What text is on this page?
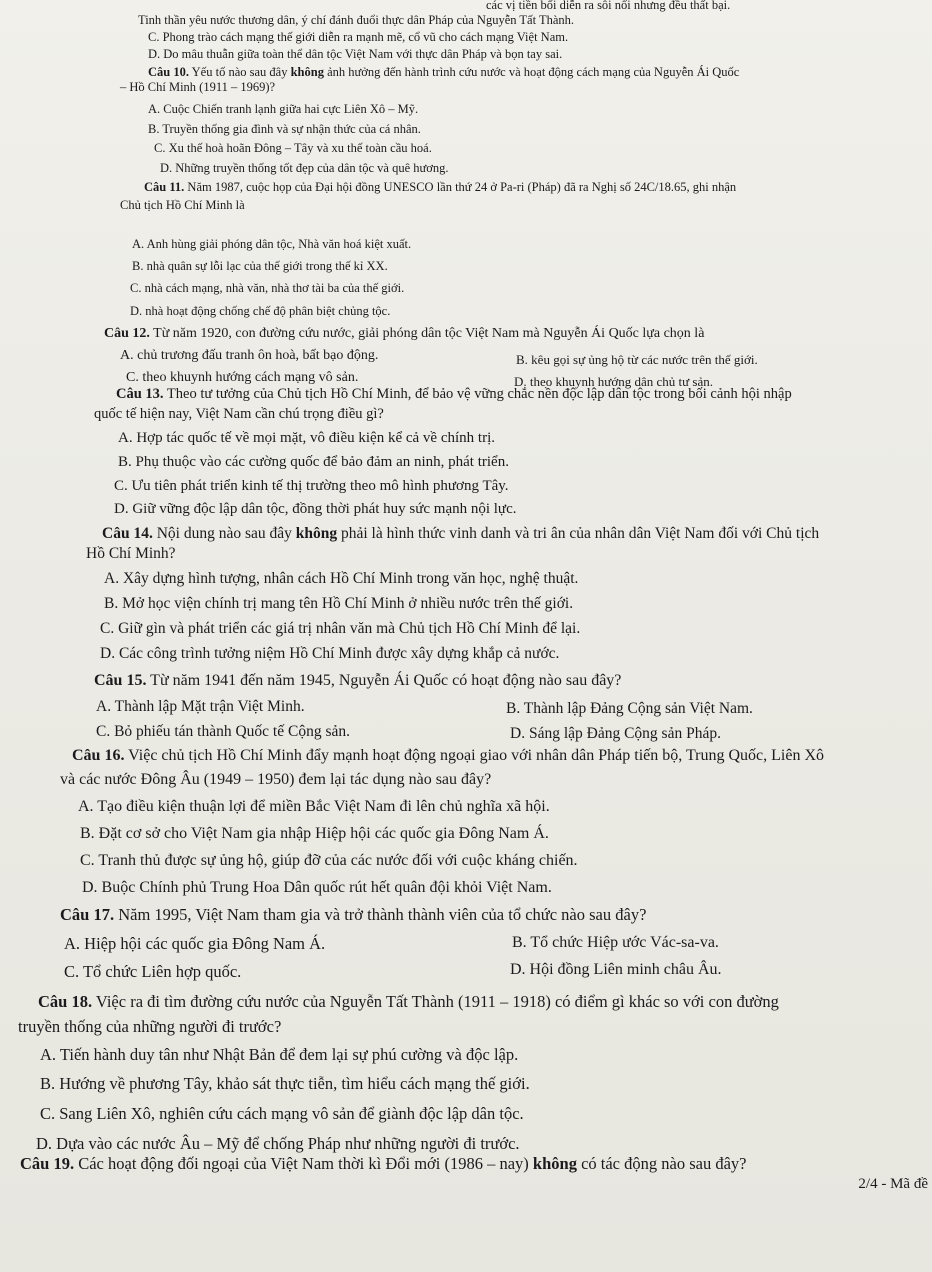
các vị tiền bối diễn ra sôi nổi nhưng đều thất bại.
Tinh thần yêu nước thương dân, ý chí đánh đuổi thực dân Pháp của Nguyễn Tất Thành.
C. Phong trào cách mạng thế giới diễn ra mạnh mẽ, cổ vũ cho cách mạng Việt Nam.
D. Do mâu thuẫn giữa toàn thể dân tộc Việt Nam với thực dân Pháp và bọn tay sai.
Câu 10. Yếu tố nào sau đây không ảnh hưởng đến hành trình cứu nước và hoạt động cách mạng của Nguyễn Ái Quốc
– Hồ Chí Minh (1911 – 1969)?
A. Cuộc Chiến tranh lạnh giữa hai cực Liên Xô – Mỹ.
B. Truyền thống gia đình và sự nhận thức của cá nhân.
C. Xu thế hoà hoãn Đông – Tây và xu thế toàn cầu hoá.
D. Những truyền thống tốt đẹp của dân tộc và quê hương.
Câu 11. Năm 1987, cuộc họp của Đại hội đồng UNESCO lần thứ 24 ở Pa-ri (Pháp) đã ra Nghị số 24C/18.65, ghi nhận
Chủ tịch Hồ Chí Minh là
A. Anh hùng giải phóng dân tộc, Nhà văn hoá kiệt xuất.
B. nhà quân sự lỗi lạc của thế giới trong thế kỉ XX.
C. nhà cách mạng, nhà văn, nhà thơ tài ba của thế giới.
D. nhà hoạt động chống chế độ phân biệt chủng tộc.
Câu 12. Từ năm 1920, con đường cứu nước, giải phóng dân tộc Việt Nam mà Nguyễn Ái Quốc lựa chọn là
A. chủ trương đấu tranh ôn hoà, bất bạo động.	B. kêu gọi sự ủng hộ từ các nước trên thế giới.
C. theo khuynh hướng cách mạng vô sản.	D. theo khuynh hướng dân chủ tư sản.
Câu 13. Theo tư tưởng của Chủ tịch Hồ Chí Minh, để bảo vệ vững chắc nền độc lập dân tộc trong bối cảnh hội nhập
quốc tế hiện nay, Việt Nam cần chú trọng điều gì?
A. Hợp tác quốc tế về mọi mặt, vô điều kiện kể cả về chính trị.
B. Phụ thuộc vào các cường quốc để bảo đảm an ninh, phát triển.
C. Ưu tiên phát triển kinh tế thị trường theo mô hình phương Tây.
D. Giữ vững độc lập dân tộc, đồng thời phát huy sức mạnh nội lực.
Câu 14. Nội dung nào sau đây không phải là hình thức vinh danh và tri ân của nhân dân Việt Nam đối với Chủ tịch
Hồ Chí Minh?
A. Xây dựng hình tượng, nhân cách Hồ Chí Minh trong văn học, nghệ thuật.
B. Mở học viện chính trị mang tên Hồ Chí Minh ở nhiều nước trên thế giới.
C. Giữ gìn và phát triển các giá trị nhân văn mà Chủ tịch Hồ Chí Minh để lại.
D. Các công trình tưởng niệm Hồ Chí Minh được xây dựng khắp cả nước.
Câu 15. Từ năm 1941 đến năm 1945, Nguyễn Ái Quốc có hoạt động nào sau đây?
A. Thành lập Mặt trận Việt Minh.	B. Thành lập Đảng Cộng sản Việt Nam.
C. Bỏ phiếu tán thành Quốc tế Cộng sản.	D. Sáng lập Đảng Cộng sản Pháp.
Câu 16. Việc chủ tịch Hồ Chí Minh đẩy mạnh hoạt động ngoại giao với nhân dân Pháp tiến bộ, Trung Quốc, Liên Xô
và các nước Đông Âu (1949 – 1950) đem lại tác dụng nào sau đây?
A. Tạo điều kiện thuận lợi để miền Bắc Việt Nam đi lên chủ nghĩa xã hội.
B. Đặt cơ sở cho Việt Nam gia nhập Hiệp hội các quốc gia Đông Nam Á.
C. Tranh thủ được sự ủng hộ, giúp đỡ của các nước đối với cuộc kháng chiến.
D. Buộc Chính phủ Trung Hoa Dân quốc rút hết quân đội khỏi Việt Nam.
Câu 17. Năm 1995, Việt Nam tham gia và trở thành thành viên của tổ chức nào sau đây?
A. Hiệp hội các quốc gia Đông Nam Á.	B. Tổ chức Hiệp ước Vác-sa-va.
C. Tổ chức Liên hợp quốc.	D. Hội đồng Liên minh châu Âu.
Câu 18. Việc ra đi tìm đường cứu nước của Nguyễn Tất Thành (1911 – 1918) có điểm gì khác so với con đường
truyền thống của những người đi trước?
A. Tiến hành duy tân như Nhật Bản để đem lại sự phú cường và độc lập.
B. Hướng về phương Tây, khảo sát thực tiễn, tìm hiểu cách mạng thế giới.
C. Sang Liên Xô, nghiên cứu cách mạng vô sản để giành độc lập dân tộc.
D. Dựa vào các nước Âu – Mỹ để chống Pháp như những người đi trước.
Câu 19. Các hoạt động đối ngoại của Việt Nam thời kì Đổi mới (1986 – nay) không có tác động nào sau đây?
2/4 - Mã đề
